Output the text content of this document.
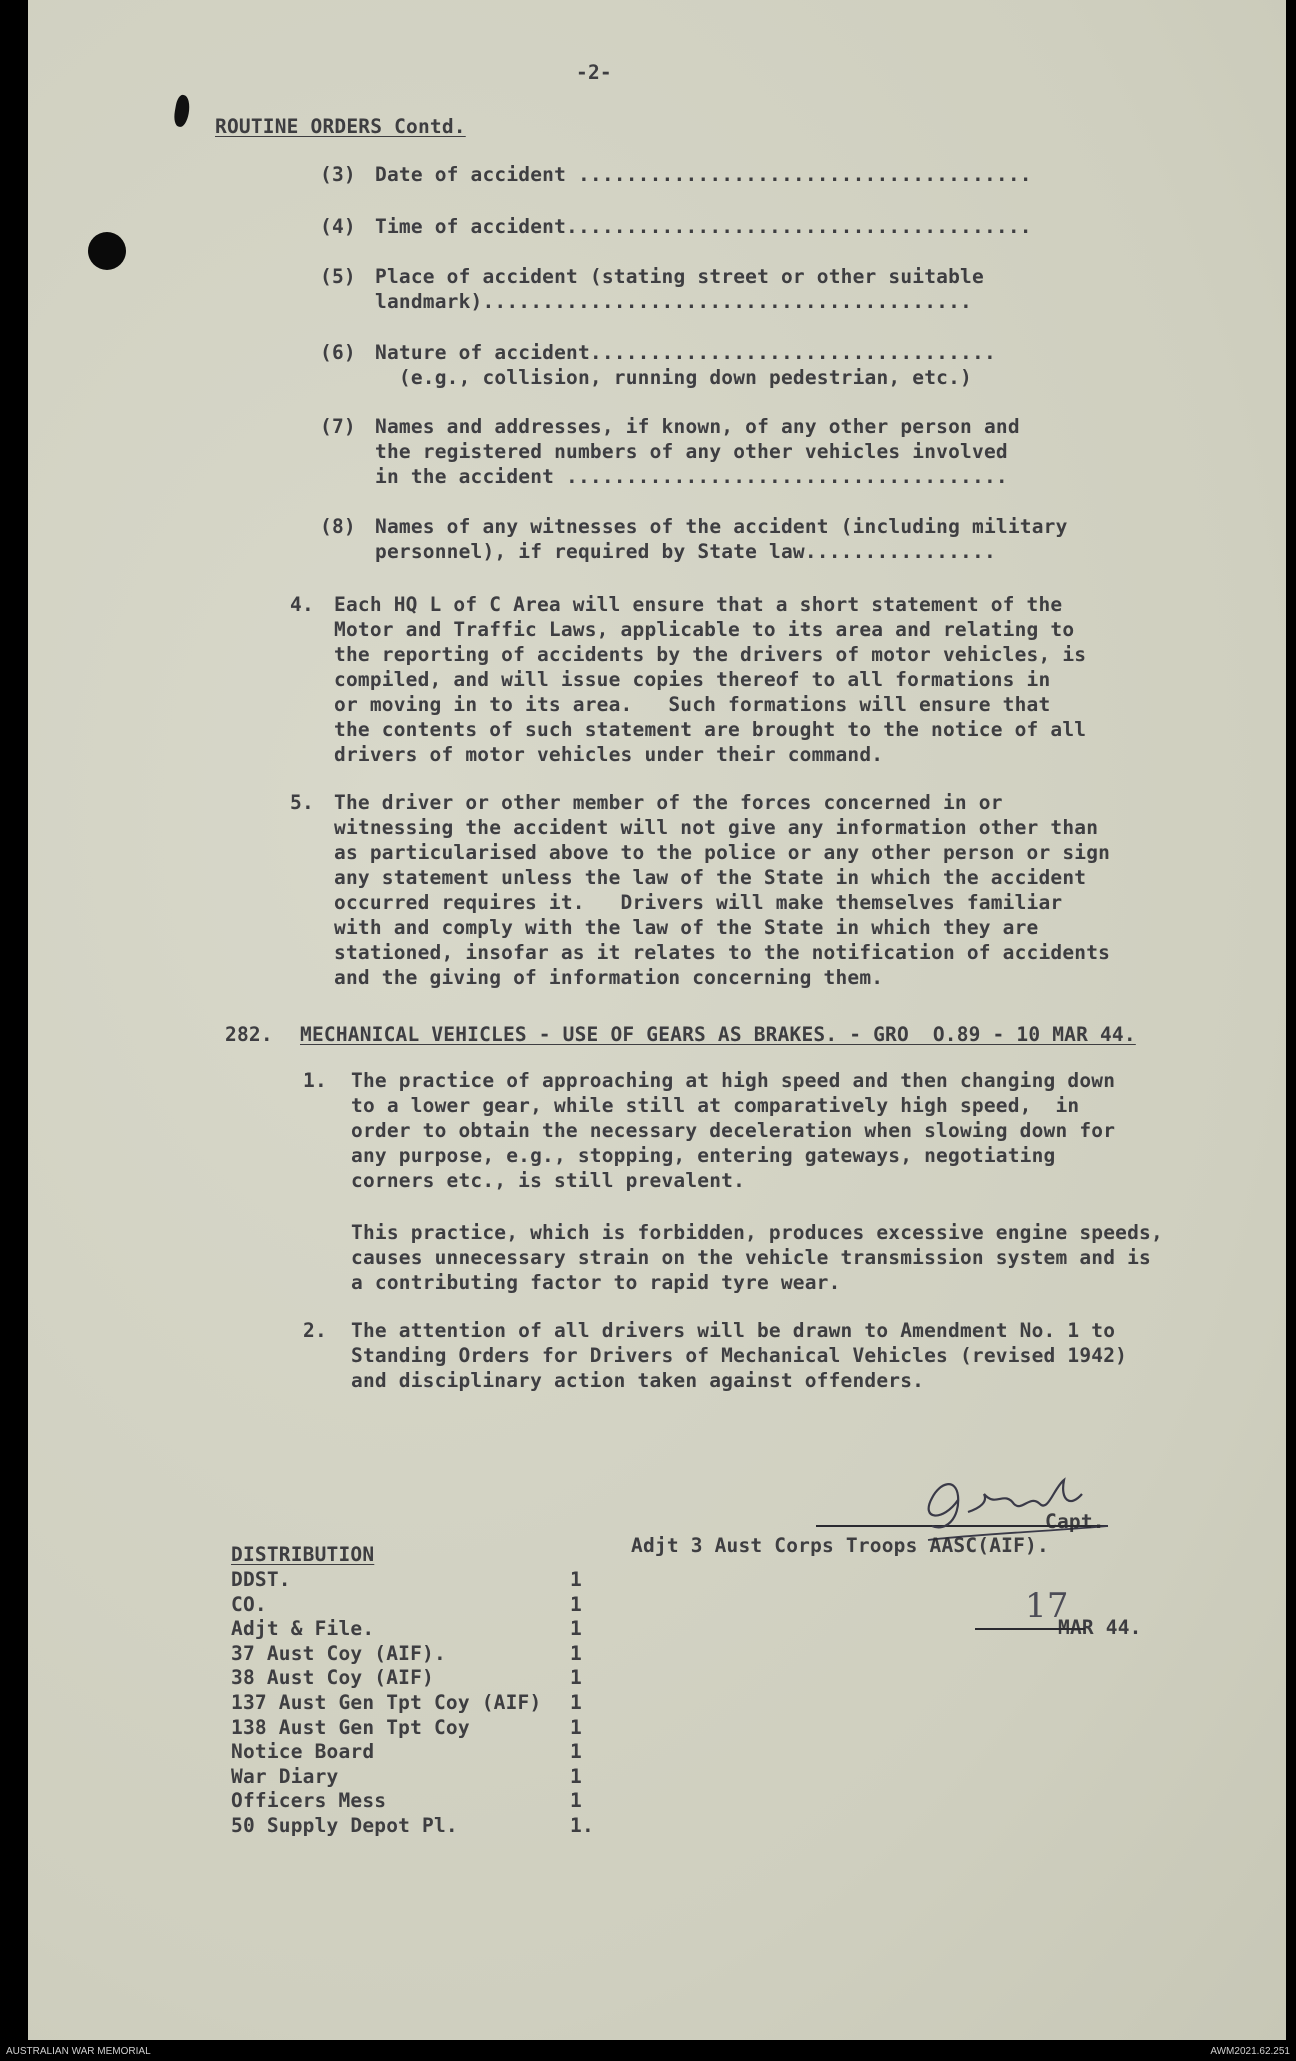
-2-
ROUTINE ORDERS Contd.
(3) Date of accident ......................................
(4) Time of accident.......................................
(5) Place of accident (stating street or other suitable
landmark).........................................
(6) Nature of accident..................................
(e.g., collision, running down pedestrian, etc.)
(7) Names and addresses, if known, of any other person and
the registered numbers of any other vehicles involved
in the accident .....................................
(8) Names of any witnesses of the accident (including military
personnel), if required by State law................
4. Each HQ L of C Area will ensure that a short statement of the
Motor and Traffic Laws, applicable to its area and relating to
the reporting of accidents by the drivers of motor vehicles, is
compiled, and will issue copies thereof to all formations in
or moving in to its area.   Such formations will ensure that
the contents of such statement are brought to the notice of all
drivers of motor vehicles under their command.
5. The driver or other member of the forces concerned in or
witnessing the accident will not give any information other than
as particularised above to the police or any other person or sign
any statement unless the law of the State in which the accident
occurred requires it.   Drivers will make themselves familiar
with and comply with the law of the State in which they are
stationed, insofar as it relates to the notification of accidents
and the giving of information concerning them.
282. MECHANICAL VEHICLES - USE OF GEARS AS BRAKES. - GRO  O.89 - 10 MAR 44.
1. The practice of approaching at high speed and then changing down
to a lower gear, while still at comparatively high speed,  in
order to obtain the necessary deceleration when slowing down for
any purpose, e.g., stopping, entering gateways, negotiating
corners etc., is still prevalent.
This practice, which is forbidden, produces excessive engine speeds,
causes unnecessary strain on the vehicle transmission system and is
a contributing factor to rapid tyre wear.
2. The attention of all drivers will be drawn to Amendment No. 1 to
Standing Orders for Drivers of Mechanical Vehicles (revised 1942)
and disciplinary action taken against offenders.
Capt.
Adjt 3 Aust Corps Troops AASC(AIF).
17
MAR 44.
DISTRIBUTION
DDST.	1
CO.	1
Adjt & File.	1
37 Aust Coy (AIF).	1
38 Aust Coy (AIF)	1
137 Aust Gen Tpt Coy (AIF) 1
138 Aust Gen Tpt Coy	1
Notice Board	1
War Diary	1
Officers Mess	1
50 Supply Depot Pl.	1.
AUSTRALIAN WAR MEMORIAL	AWM2021.62.251
